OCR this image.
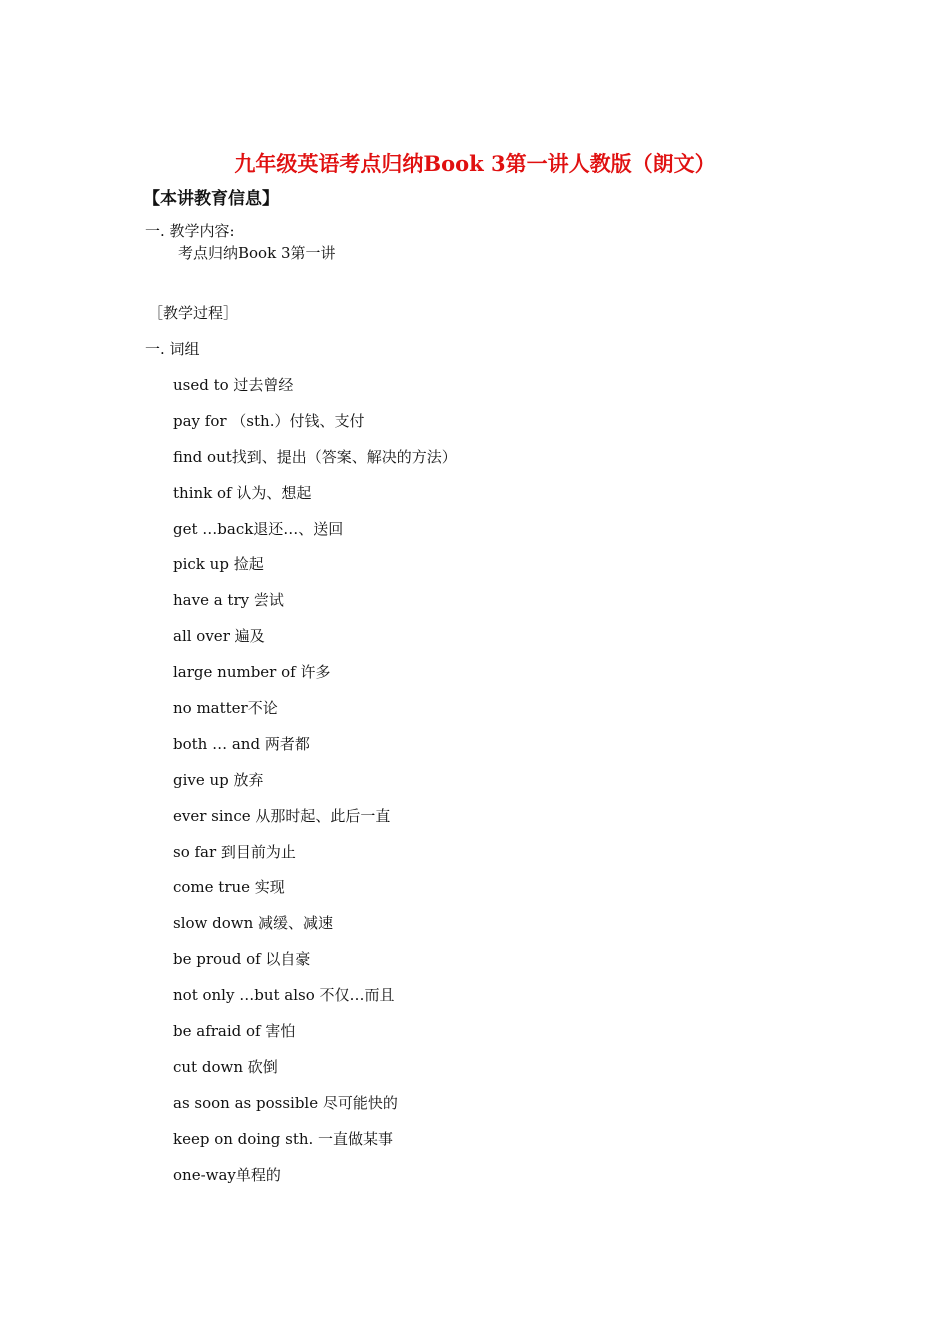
九年级英语考点归纳Book 3第一讲人教版（朗文）
【本讲教育信息】
一. 教学内容:
考点归纳Book 3第一讲
［教学过程］
一. 词组
used to 过去曾经
pay for （sth.）付钱、支付
find out找到、提出（答案、解决的方法）
think of 认为、想起
get …back退还…、送回
pick up 捡起
have a try 尝试
all over 遍及
large number of 许多
no matter不论
both … and 两者都
give up 放弃
ever since 从那时起、此后一直
so far 到目前为止
come true 实现
slow down 减缓、减速
be proud of 以自豪
not only …but also 不仅…而且
be afraid of 害怕
cut down 砍倒
as soon as possible 尽可能快的
keep on doing sth. 一直做某事
one-way单程的
